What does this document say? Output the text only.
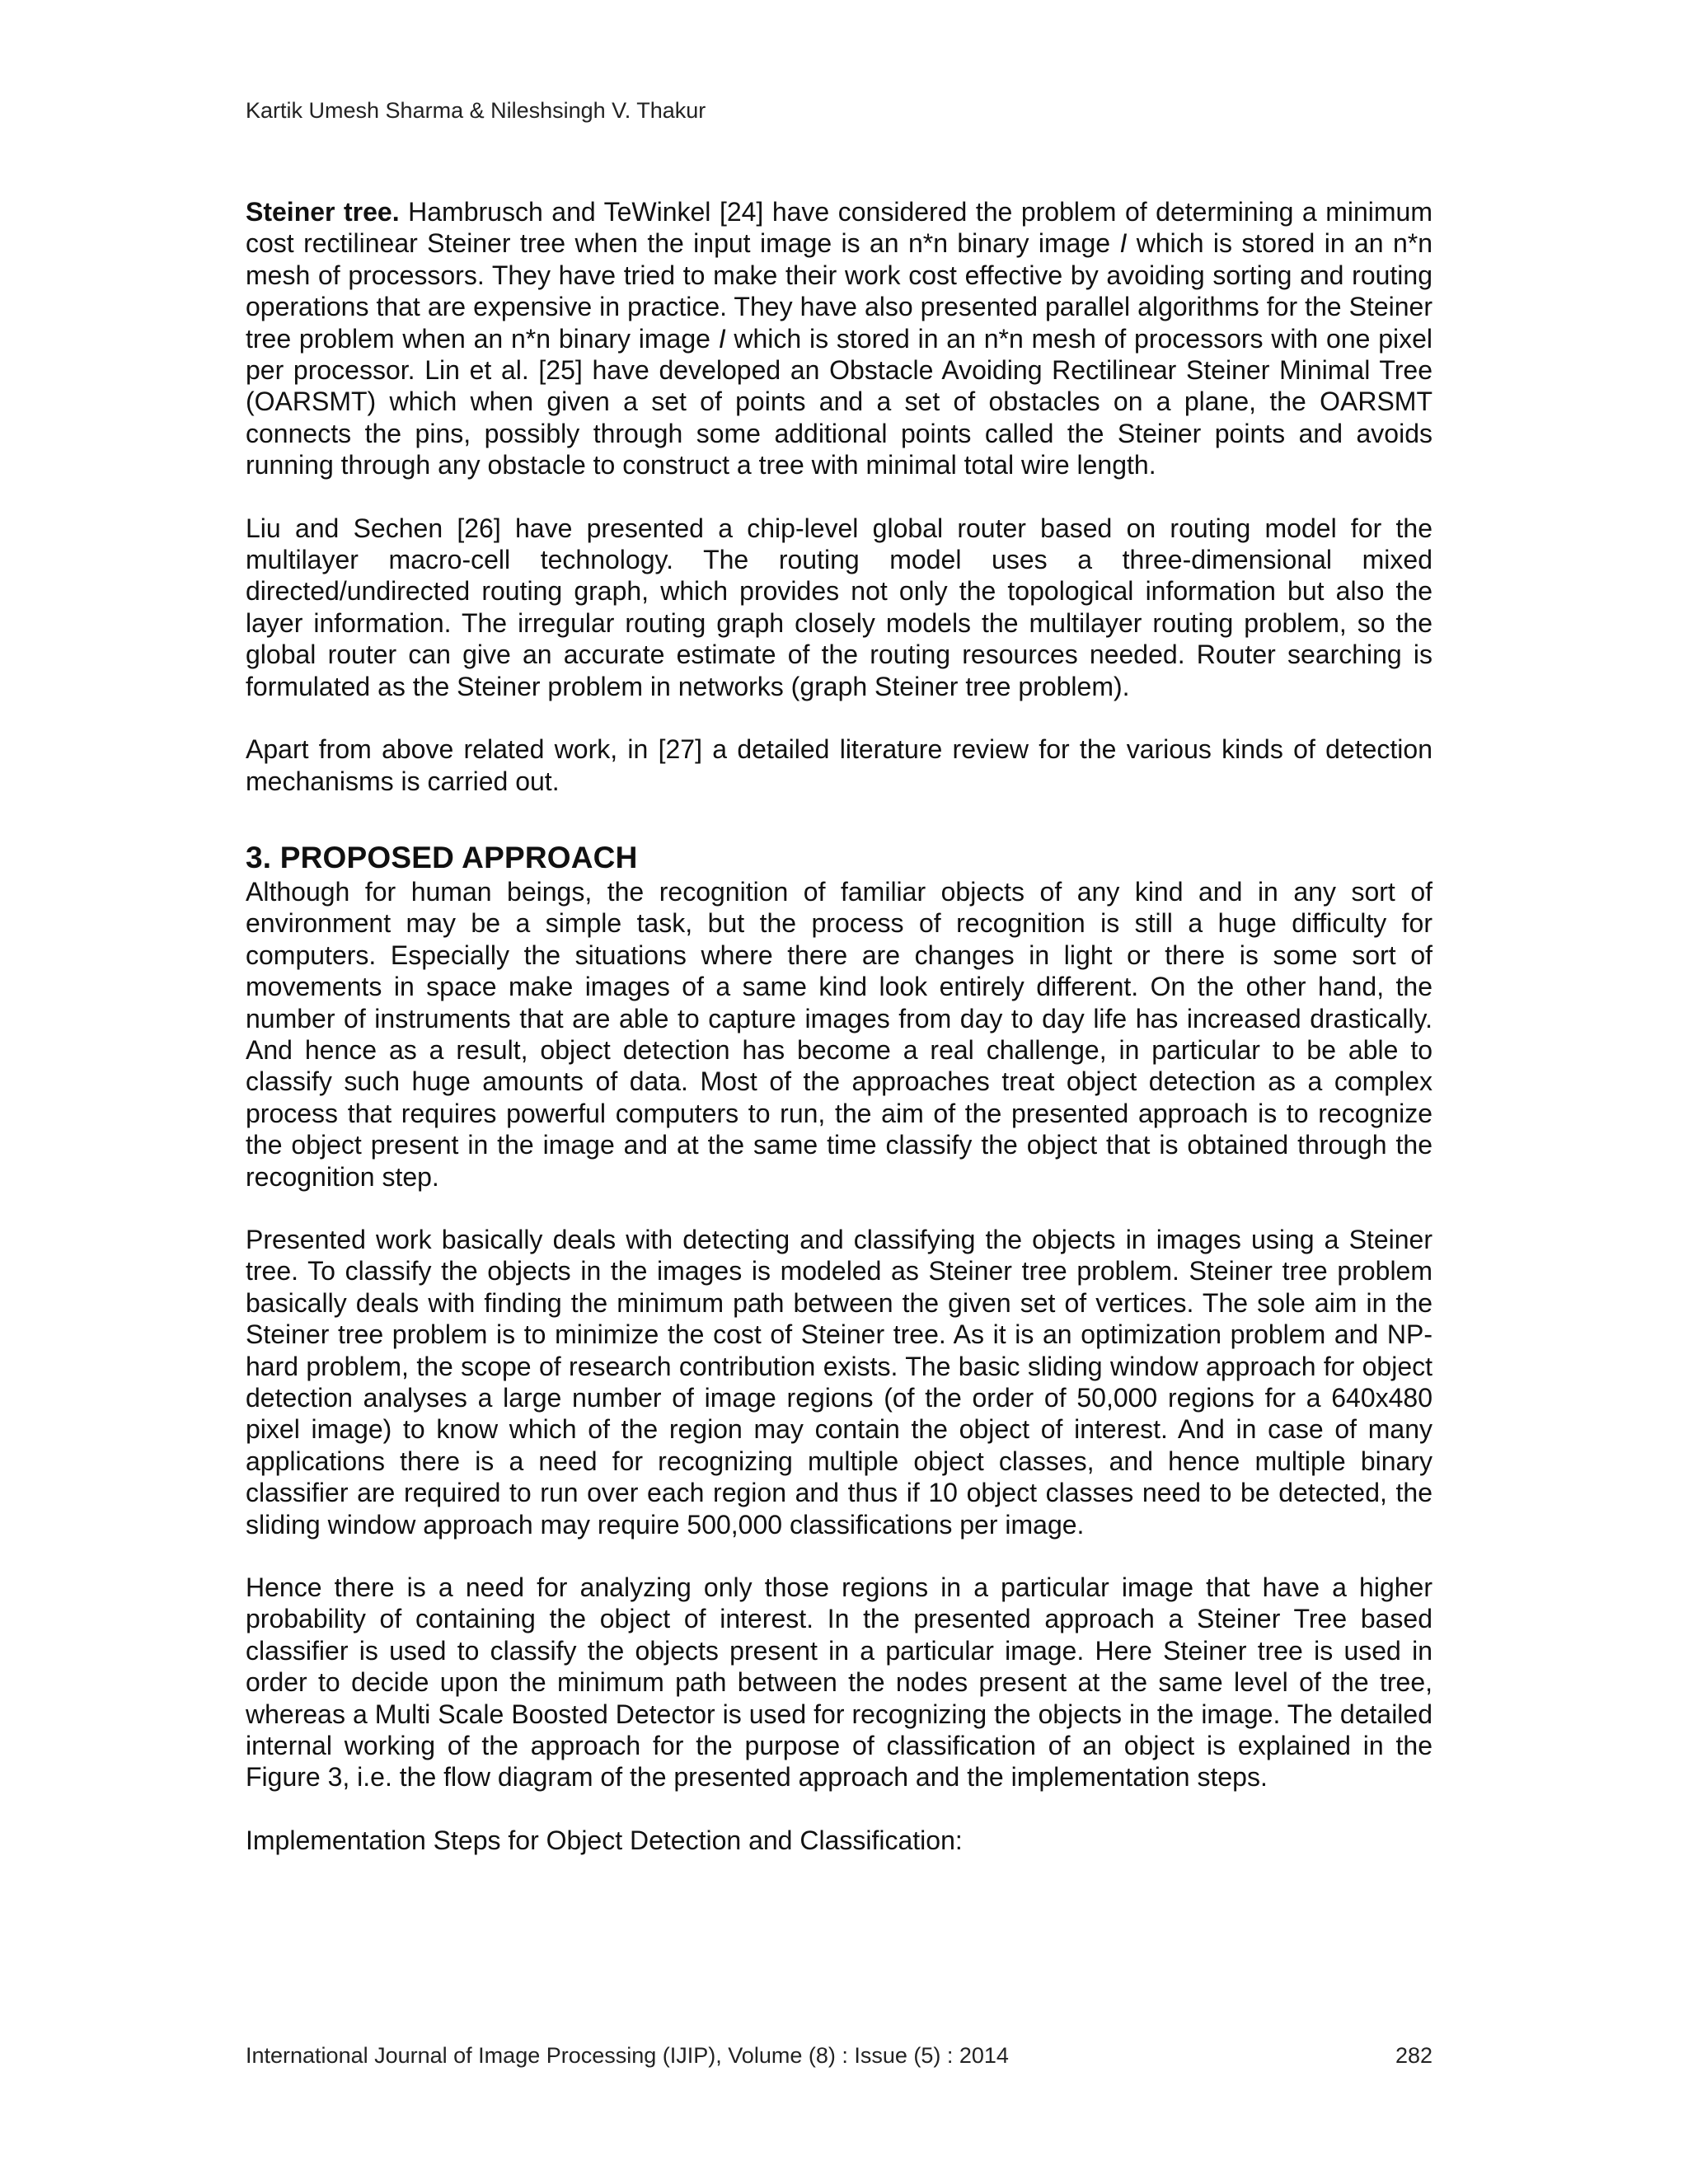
Kartik Umesh Sharma & Nileshsingh V. Thakur

Steiner tree. Hambrusch and TeWinkel [24] have considered the problem of determining a minimum cost rectilinear Steiner tree when the input image is an n*n binary image I which is stored in an n*n mesh of processors. They have tried to make their work cost effective by avoiding sorting and routing operations that are expensive in practice. They have also presented parallel algorithms for the Steiner tree problem when an n*n binary image I which is stored in an n*n mesh of processors with one pixel per processor. Lin et al. [25] have developed an Obstacle Avoiding Rectilinear Steiner Minimal Tree (OARSMT) which when given a set of points and a set of obstacles on a plane, the OARSMT connects the pins, possibly through some additional points called the Steiner points and avoids running through any obstacle to construct a tree with minimal total wire length.

Liu and Sechen [26] have presented a chip-level global router based on routing model for the multilayer macro-cell technology. The routing model uses a three-dimensional mixed directed/undirected routing graph, which provides not only the topological information but also the layer information. The irregular routing graph closely models the multilayer routing problem, so the global router can give an accurate estimate of the routing resources needed. Router searching is formulated as the Steiner problem in networks (graph Steiner tree problem).

Apart from above related work, in [27] a detailed literature review for the various kinds of detection mechanisms is carried out.

3. PROPOSED APPROACH

Although for human beings, the recognition of familiar objects of any kind and in any sort of environment may be a simple task, but the process of recognition is still a huge difficulty for computers. Especially the situations where there are changes in light or there is some sort of movements in space make images of a same kind look entirely different. On the other hand, the number of instruments that are able to capture images from day to day life has increased drastically. And hence as a result, object detection has become a real challenge, in particular to be able to classify such huge amounts of data. Most of the approaches treat object detection as a complex process that requires powerful computers to run, the aim of the presented approach is to recognize the object present in the image and at the same time classify the object that is obtained through the recognition step.

Presented work basically deals with detecting and classifying the objects in images using a Steiner tree. To classify the objects in the images is modeled as Steiner tree problem. Steiner tree problem basically deals with finding the minimum path between the given set of vertices. The sole aim in the Steiner tree problem is to minimize the cost of Steiner tree. As it is an optimization problem and NP-hard problem, the scope of research contribution exists. The basic sliding window approach for object detection analyses a large number of image regions (of the order of 50,000 regions for a 640x480 pixel image) to know which of the region may contain the object of interest. And in case of many applications there is a need for recognizing multiple object classes, and hence multiple binary classifier are required to run over each region and thus if 10 object classes need to be detected, the sliding window approach may require 500,000 classifications per image.

Hence there is a need for analyzing only those regions in a particular image that have a higher probability of containing the object of interest. In the presented approach a Steiner Tree based classifier is used to classify the objects present in a particular image. Here Steiner tree is used in order to decide upon the minimum path between the nodes present at the same level of the tree, whereas a Multi Scale Boosted Detector is used for recognizing the objects in the image. The detailed internal working of the approach for the purpose of classification of an object is explained in the Figure 3, i.e. the flow diagram of the presented approach and the implementation steps.

Implementation Steps for Object Detection and Classification:

International Journal of Image Processing (IJIP), Volume (8) : Issue (5) : 2014	282
